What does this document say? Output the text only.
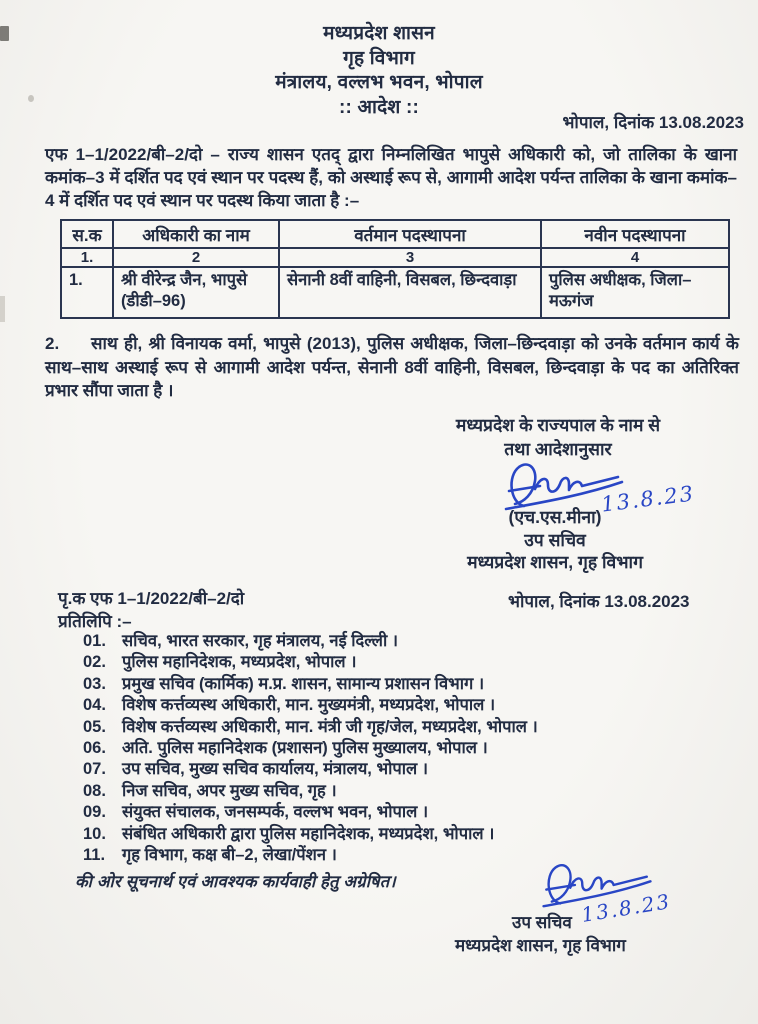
मध्यप्रदेश शासन
गृह विभाग
मंत्रालय, वल्लभ भवन, भोपाल
:: आदेश ::
भोपाल, दिनांक 13.08.2023
एफ 1–1/2022/बी–2/दो – राज्य शासन एतद् द्वारा निम्नलिखित भापुसे अधिकारी को, जो तालिका के खाना कमांक–3 में दर्शित पद एवं स्थान पर पदस्थ हैं, को अस्थाई रूप से, आगामी आदेश पर्यन्त तालिका के खाना कमांक–4 में दर्शित पद एवं स्थान पर पदस्थ किया जाता है :–
स.क	अधिकारी का नाम	वर्तमान पदस्थापना	नवीन पदस्थापना
1.	2	3	4
1.	श्री वीरेन्द्र जैन, भापुसे (डीडी–96)	सेनानी 8वीं वाहिनी, विसबल, छिन्दवाड़ा	पुलिस अधीक्षक, जिला–मऊगंज
2. साथ ही, श्री विनायक वर्मा, भापुसे (2013), पुलिस अधीक्षक, जिला–छिन्दवाड़ा को उनके वर्तमान कार्य के साथ–साथ अस्थाई रूप से आगामी आदेश पर्यन्त, सेनानी 8वीं वाहिनी, विसबल, छिन्दवाड़ा के पद का अतिरिक्त प्रभार सौंपा जाता है ।
मध्यप्रदेश के राज्यपाल के नाम से
तथा आदेशानुसार
13.8.23
(एच.एस.मीना)
उप सचिव
मध्यप्रदेश शासन, गृह विभाग
पृ.क एफ 1–1/2022/बी–2/दो	भोपाल, दिनांक 13.08.2023
प्रतिलिपि :–
01. सचिव, भारत सरकार, गृह मंत्रालय, नई दिल्ली ।
02. पुलिस महानिदेशक, मध्यप्रदेश, भोपाल ।
03. प्रमुख सचिव (कार्मिक) म.प्र. शासन, सामान्य प्रशासन विभाग ।
04. विशेष कर्त्तव्यस्थ अधिकारी, मान. मुख्यमंत्री, मध्यप्रदेश, भोपाल ।
05. विशेष कर्त्तव्यस्थ अधिकारी, मान. मंत्री जी गृह/जेल, मध्यप्रदेश, भोपाल ।
06. अति. पुलिस महानिदेशक (प्रशासन) पुलिस मुख्यालय, भोपाल ।
07. उप सचिव, मुख्य सचिव कार्यालय, मंत्रालय, भोपाल ।
08. निज सचिव, अपर मुख्य सचिव, गृह ।
09. संयुक्त संचालक, जनसम्पर्क, वल्लभ भवन, भोपाल ।
10. संबंधित अधिकारी द्वारा पुलिस महानिदेशक, मध्यप्रदेश, भोपाल ।
11.	गृह विभाग, कक्ष बी–2, लेखा/पेंशन ।
की ओर सूचनार्थ एवं आवश्यक कार्यवाही हेतु अग्रेषित।
13.8.23
उप सचिव
मध्यप्रदेश शासन, गृह विभाग
